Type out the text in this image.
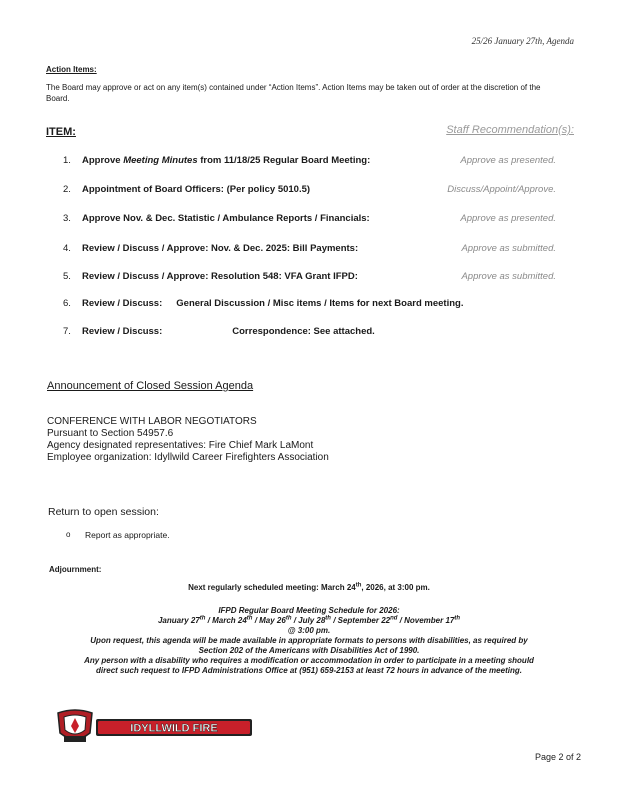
25/26 January 27th, Agenda
Action Items:
The Board may approve or act on any item(s) contained under “Action Items”. Action Items may be taken out of order at the discretion of the Board.
ITEM:	Staff Recommendation(s):
1. Approve Meeting Minutes from 11/18/25 Regular Board Meeting:	Approve as presented.
2. Appointment of Board Officers: (Per policy 5010.5)	Discuss/Appoint/Approve.
3. Approve Nov. & Dec. Statistic / Ambulance Reports / Financials:	Approve as presented.
4. Review / Discuss / Approve: Nov. & Dec. 2025: Bill Payments:	Approve as submitted.
5. Review / Discuss / Approve: Resolution 548: VFA Grant IFPD:	Approve as submitted.
6. Review / Discuss: General Discussion / Misc items / Items for next Board meeting.
7. Review / Discuss:	Correspondence: See attached.
Announcement of Closed Session Agenda
CONFERENCE WITH LABOR NEGOTIATORS
Pursuant to Section 54957.6
Agency designated representatives: Fire Chief Mark LaMont
Employee organization: Idyllwild Career Firefighters Association
Return to open session:
o Report as appropriate.
Adjournment:
Next regularly scheduled meeting: March 24th, 2026, at 3:00 pm.
IFPD Regular Board Meeting Schedule for 2026:
January 27th / March 24th / May 26th / July 28th / September 22nd / November 17th
@ 3:00 pm.
Upon request, this agenda will be made available in appropriate formats to persons with disabilities, as required by
Section 202 of the Americans with Disabilities Act of 1990.
Any person with a disability who requires a modification or accommodation in order to participate in a meeting should
direct such request to IFPD Administrations Office at (951) 659-2153 at least 72 hours in advance of the meeting.
IDYLLWILD FIRE
Page 2 of 2
